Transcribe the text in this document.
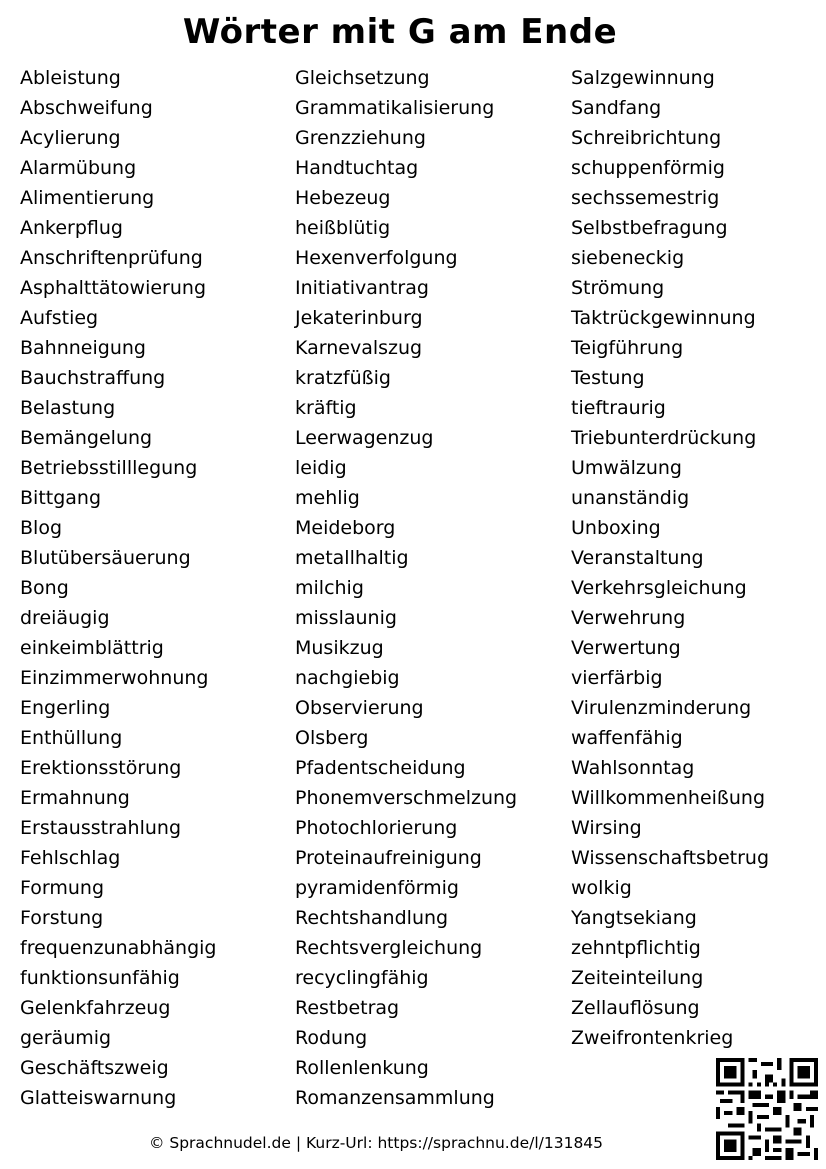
Wörter mit G am Ende
Ableistung
Abschweifung
Acylierung
Alarmübung
Alimentierung
Ankerpflug
Anschriftenprüfung
Asphalttätowierung
Aufstieg
Bahnneigung
Bauchstraffung
Belastung
Bemängelung
Betriebsstilllegung
Bittgang
Blog
Blutübersäuerung
Bong
dreiäugig
einkeimblättrig
Einzimmerwohnung
Engerling
Enthüllung
Erektionsstörung
Ermahnung
Erstausstrahlung
Fehlschlag
Formung
Forstung
frequenzunabhängig
funktionsunfähig
Gelenkfahrzeug
geräumig
Geschäftszweig
Glatteiswarnung
Gleichsetzung
Grammatikalisierung
Grenzziehung
Handtuchtag
Hebezeug
heißblütig
Hexenverfolgung
Initiativantrag
Jekaterinburg
Karnevalszug
kratzfüßig
kräftig
Leerwagenzug
leidig
mehlig
Meideborg
metallhaltig
milchig
misslaunig
Musikzug
nachgiebig
Observierung
Olsberg
Pfadentscheidung
Phonemverschmelzung
Photochlorierung
Proteinaufreinigung
pyramidenförmig
Rechtshandlung
Rechtsvergleichung
recyclingfähig
Restbetrag
Rodung
Rollenlenkung
Romanzensammlung
Salzgewinnung
Sandfang
Schreibrichtung
schuppenförmig
sechssemestrig
Selbstbefragung
siebeneckig
Strömung
Taktrückgewinnung
Teigführung
Testung
tieftraurig
Triebunterdrückung
Umwälzung
unanständig
Unboxing
Veranstaltung
Verkehrsgleichung
Verwehrung
Verwertung
vierfärbig
Virulenzminderung
waffenfähig
Wahlsonntag
Willkommenheißung
Wirsing
Wissenschaftsbetrug
wolkig
Yangtsekiang
zehntpflichtig
Zeiteinteilung
Zellauflösung
Zweifrontenkrieg
© Sprachnudel.de | Kurz-Url: https://sprachnu.de/l/131845
